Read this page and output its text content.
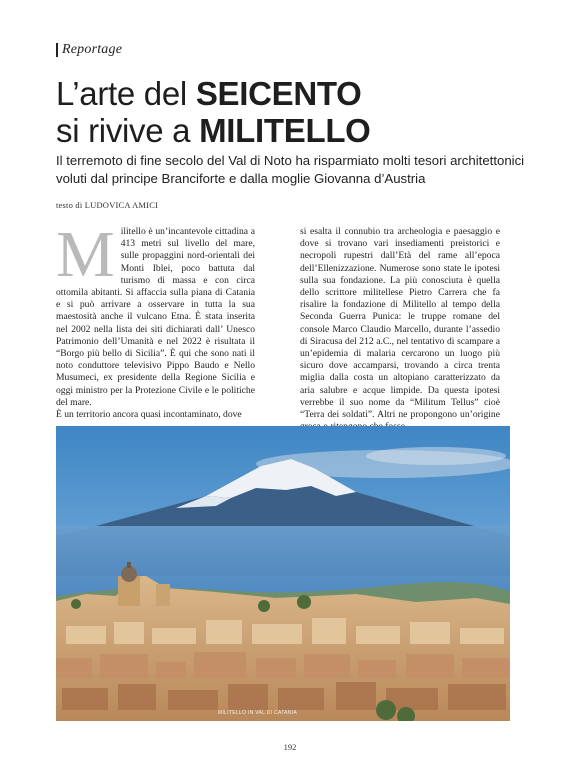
Reportage
L’arte del SEICENTO
si rivive a MILITELLO

Il terremoto di fine secolo del Val di Noto ha risparmiato molti tesori architettonici voluti dal principe Branciforte e dalla moglie Giovanna d’Austria

testo di LUDOVICA AMICI

M ilitello è un’incantevole cittadina a 413 metri sul livello del mare, sulle propaggini nord-orientali dei Monti Iblei, poco battuta dal turismo di massa e con circa ottomila abitanti. Si affaccia sulla piana di Catania e si può arrivare a osservare in tutta la sua maestosità anche il vulcano Etna. È stata inserita nel 2002 nella lista dei siti dichiarati dall’ Unesco Patrimonio dell’Umanità e nel 2022 è risultata il “Borgo più bello di Sicilia”. È qui che sono nati il noto conduttore televisivo Pippo Baudo e Nello Musumeci, ex presidente della Regione Sicilia e oggi ministro per la Protezione Civile e le politiche del mare.

È un territorio ancora quasi incontaminato, dove

si esalta il connubio tra archeologia e paesaggio e dove si trovano vari insediamenti preistorici e necropoli rupestri dall’Età del rame all’epoca dell’Ellenizzazione. Numerose sono state le ipotesi sulla sua fondazione. La più conosciuta è quella dello scrittore militellese Pietro Carrera che fa risalire la fondazione di Militello al tempo della Seconda Guerra Punica: le truppe romane del console Marco Claudio Marcello, durante l’assedio di Siracusa del 212 a.C., nel tentativo di scampare a un’epidemia di malaria cercarono un luogo più sicuro dove accamparsi, trovando a circa trenta miglia dalla costa un altopiano caratterizzato da aria salubre e acque limpide. Da questa ipotesi verrebbe il suo nome da “Militum Tellus” cioè “Terra dei soldati”. Altri ne propongono un’origine

MILITELLO IN VAL DI CATANIA
192
